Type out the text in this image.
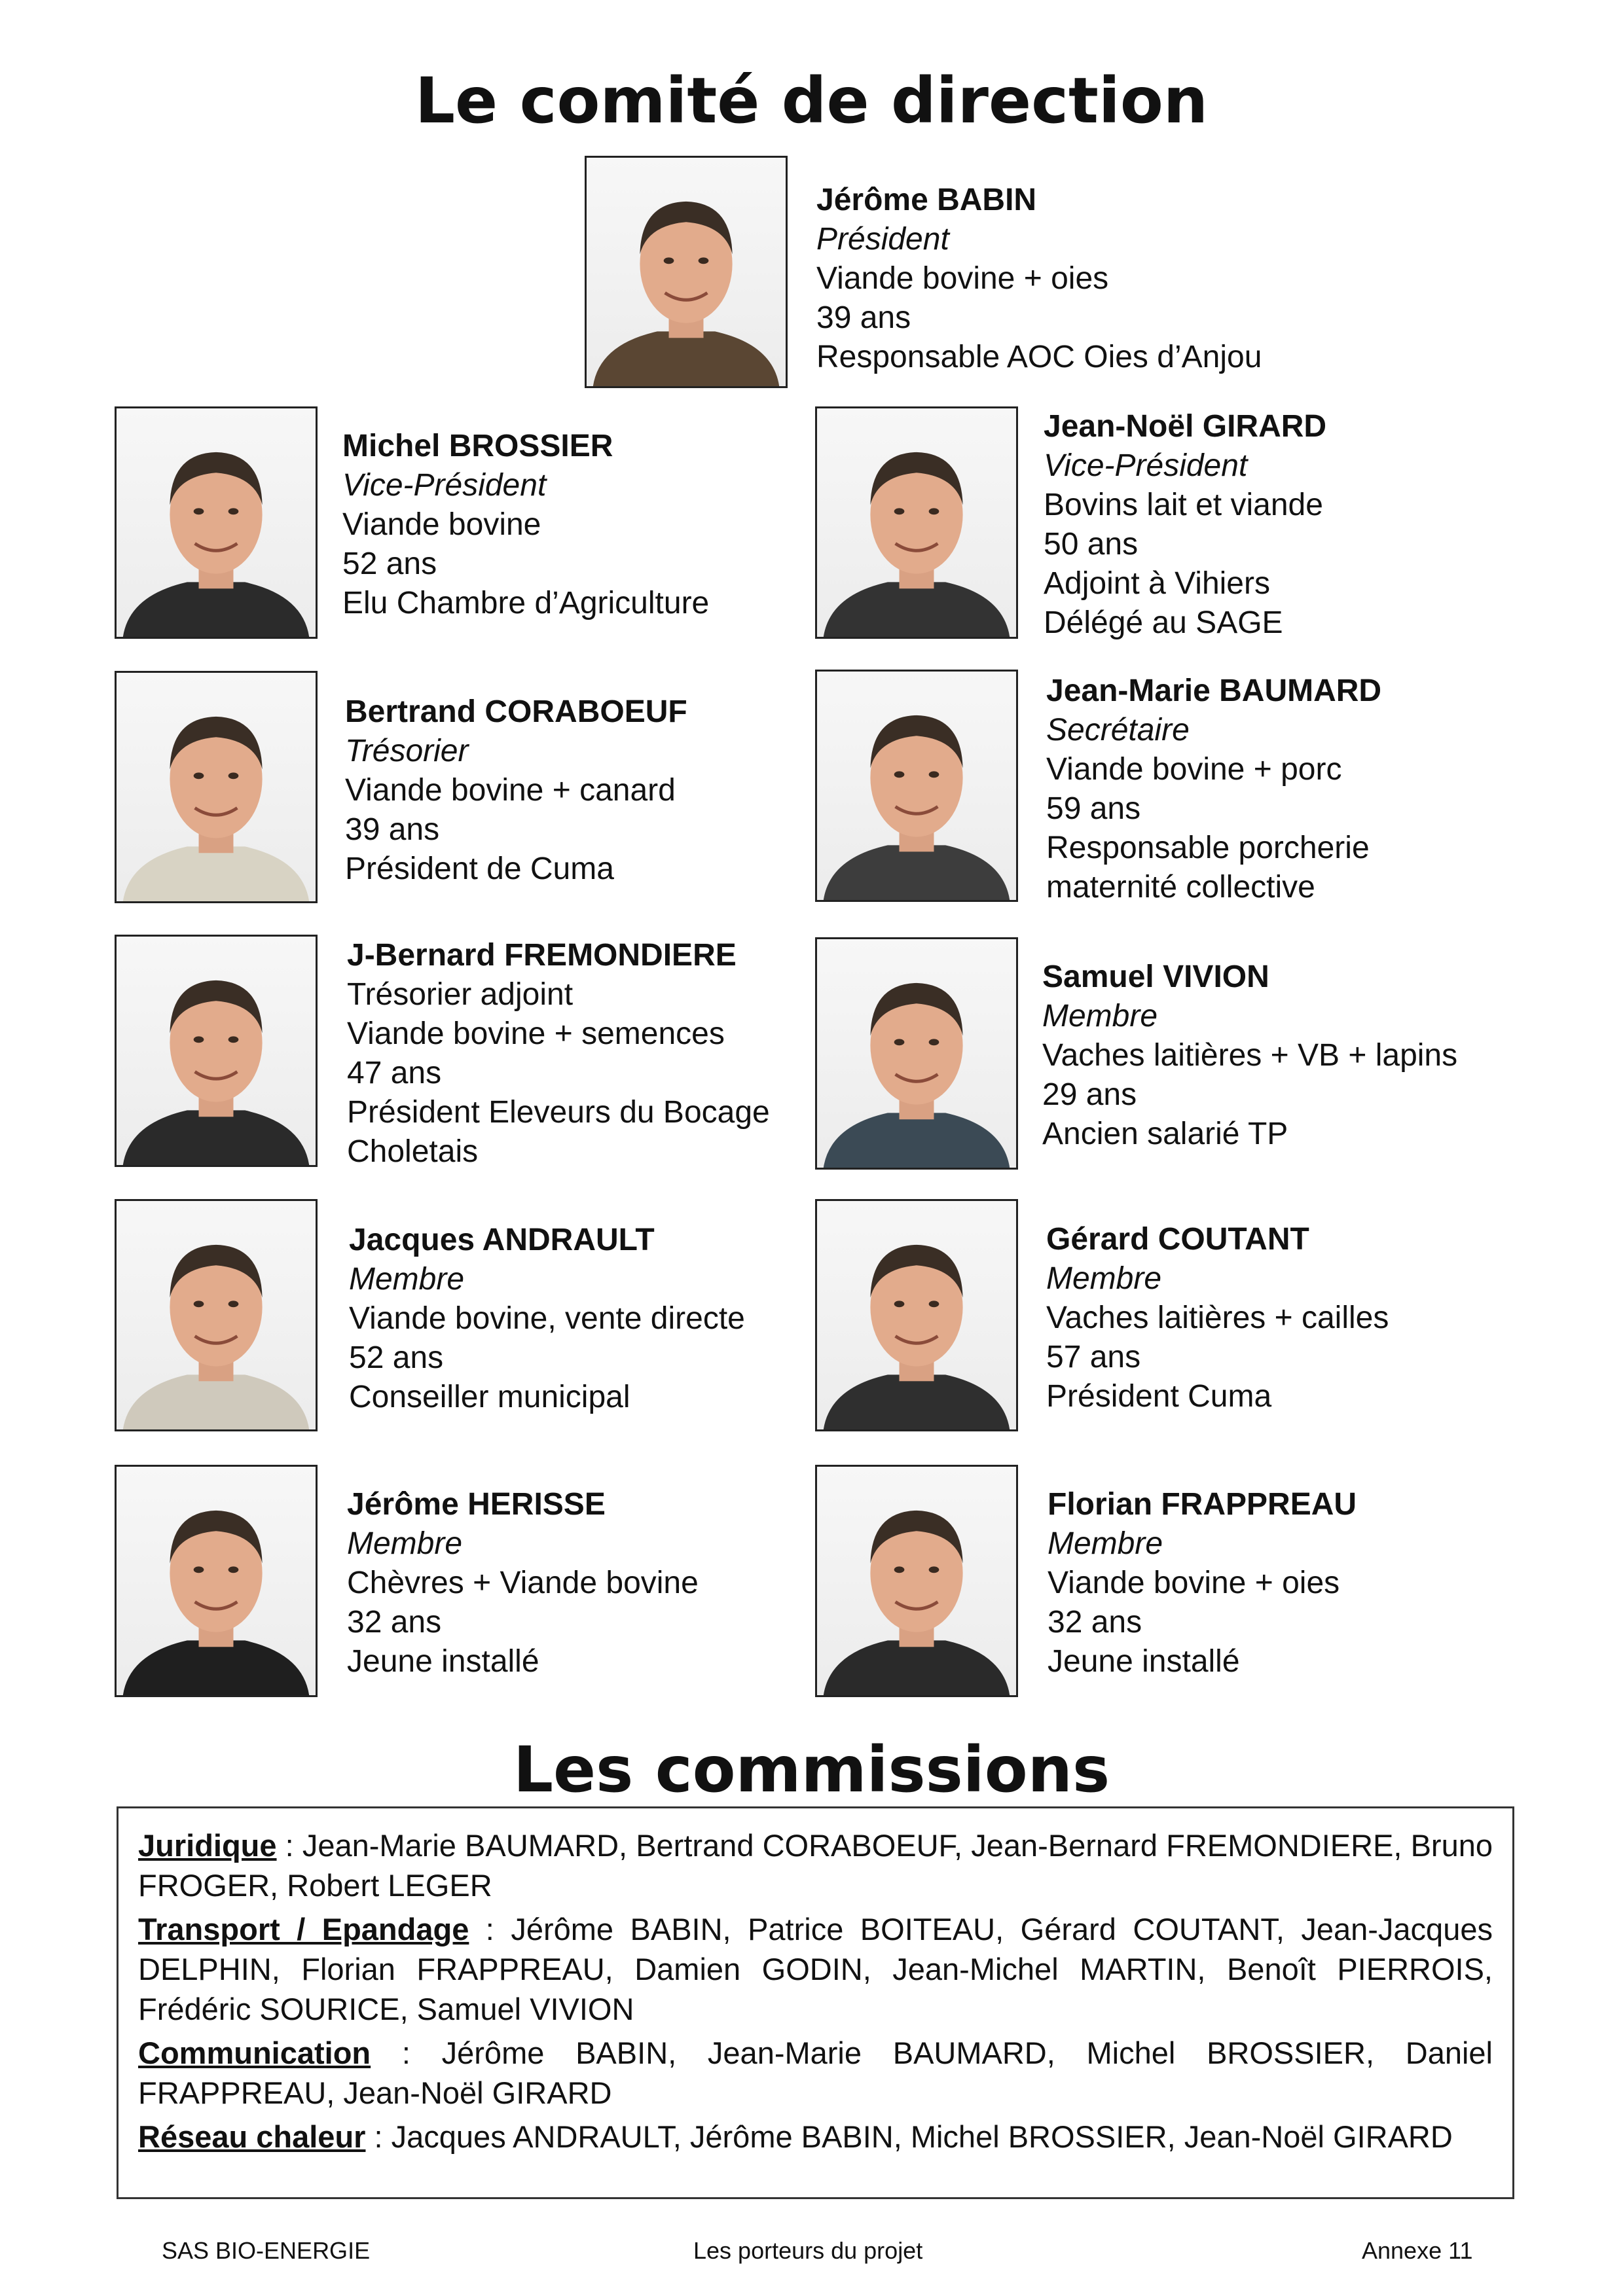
Le comité de direction
Jérôme BABIN
Président
Viande bovine + oies
39 ans
Responsable AOC Oies d’Anjou
Michel BROSSIER
Vice-Président
Viande bovine
52 ans
Elu Chambre d’Agriculture
Jean-Noël GIRARD
Vice-Président
Bovins lait et viande
50 ans
Adjoint à Vihiers
Délégé au SAGE
Bertrand CORABOEUF
Trésorier
Viande bovine + canard
39 ans
Président de Cuma
Jean-Marie BAUMARD
Secrétaire
Viande bovine + porc
59 ans
Responsable porcherie
maternité collective
J-Bernard FREMONDIERE
Trésorier adjoint
Viande bovine + semences
47 ans
Président Eleveurs du Bocage
Choletais
Samuel VIVION
Membre
Vaches laitières + VB + lapins
29 ans
Ancien salarié TP
Jacques ANDRAULT
Membre
Viande bovine, vente directe
52 ans
Conseiller municipal
Gérard COUTANT
Membre
Vaches laitières + cailles
57 ans
Président Cuma
Jérôme HERISSE
Membre
Chèvres + Viande bovine
32 ans
Jeune installé
Florian FRAPPREAU
Membre
Viande bovine + oies
32 ans
Jeune installé
Les commissions

Juridique : Jean-Marie BAUMARD, Bertrand CORABOEUF, Jean-Bernard FREMONDIERE, Bruno FROGER, Robert LEGER

Transport / Epandage : Jérôme BABIN, Patrice BOITEAU, Gérard COUTANT, Jean-Jacques DELPHIN, Florian FRAPPREAU, Damien GODIN, Jean-Michel MARTIN, Benoît PIERROIS, Frédéric SOURICE, Samuel VIVION

Communication : Jérôme BABIN, Jean-Marie BAUMARD, Michel BROSSIER, Daniel FRAPPREAU, Jean-Noël GIRARD

Réseau chaleur : Jacques ANDRAULT, Jérôme BABIN, Michel BROSSIER, Jean-Noël GIRARD

SAS BIO-ENERGIE	Les porteurs du projet	Annexe 11
